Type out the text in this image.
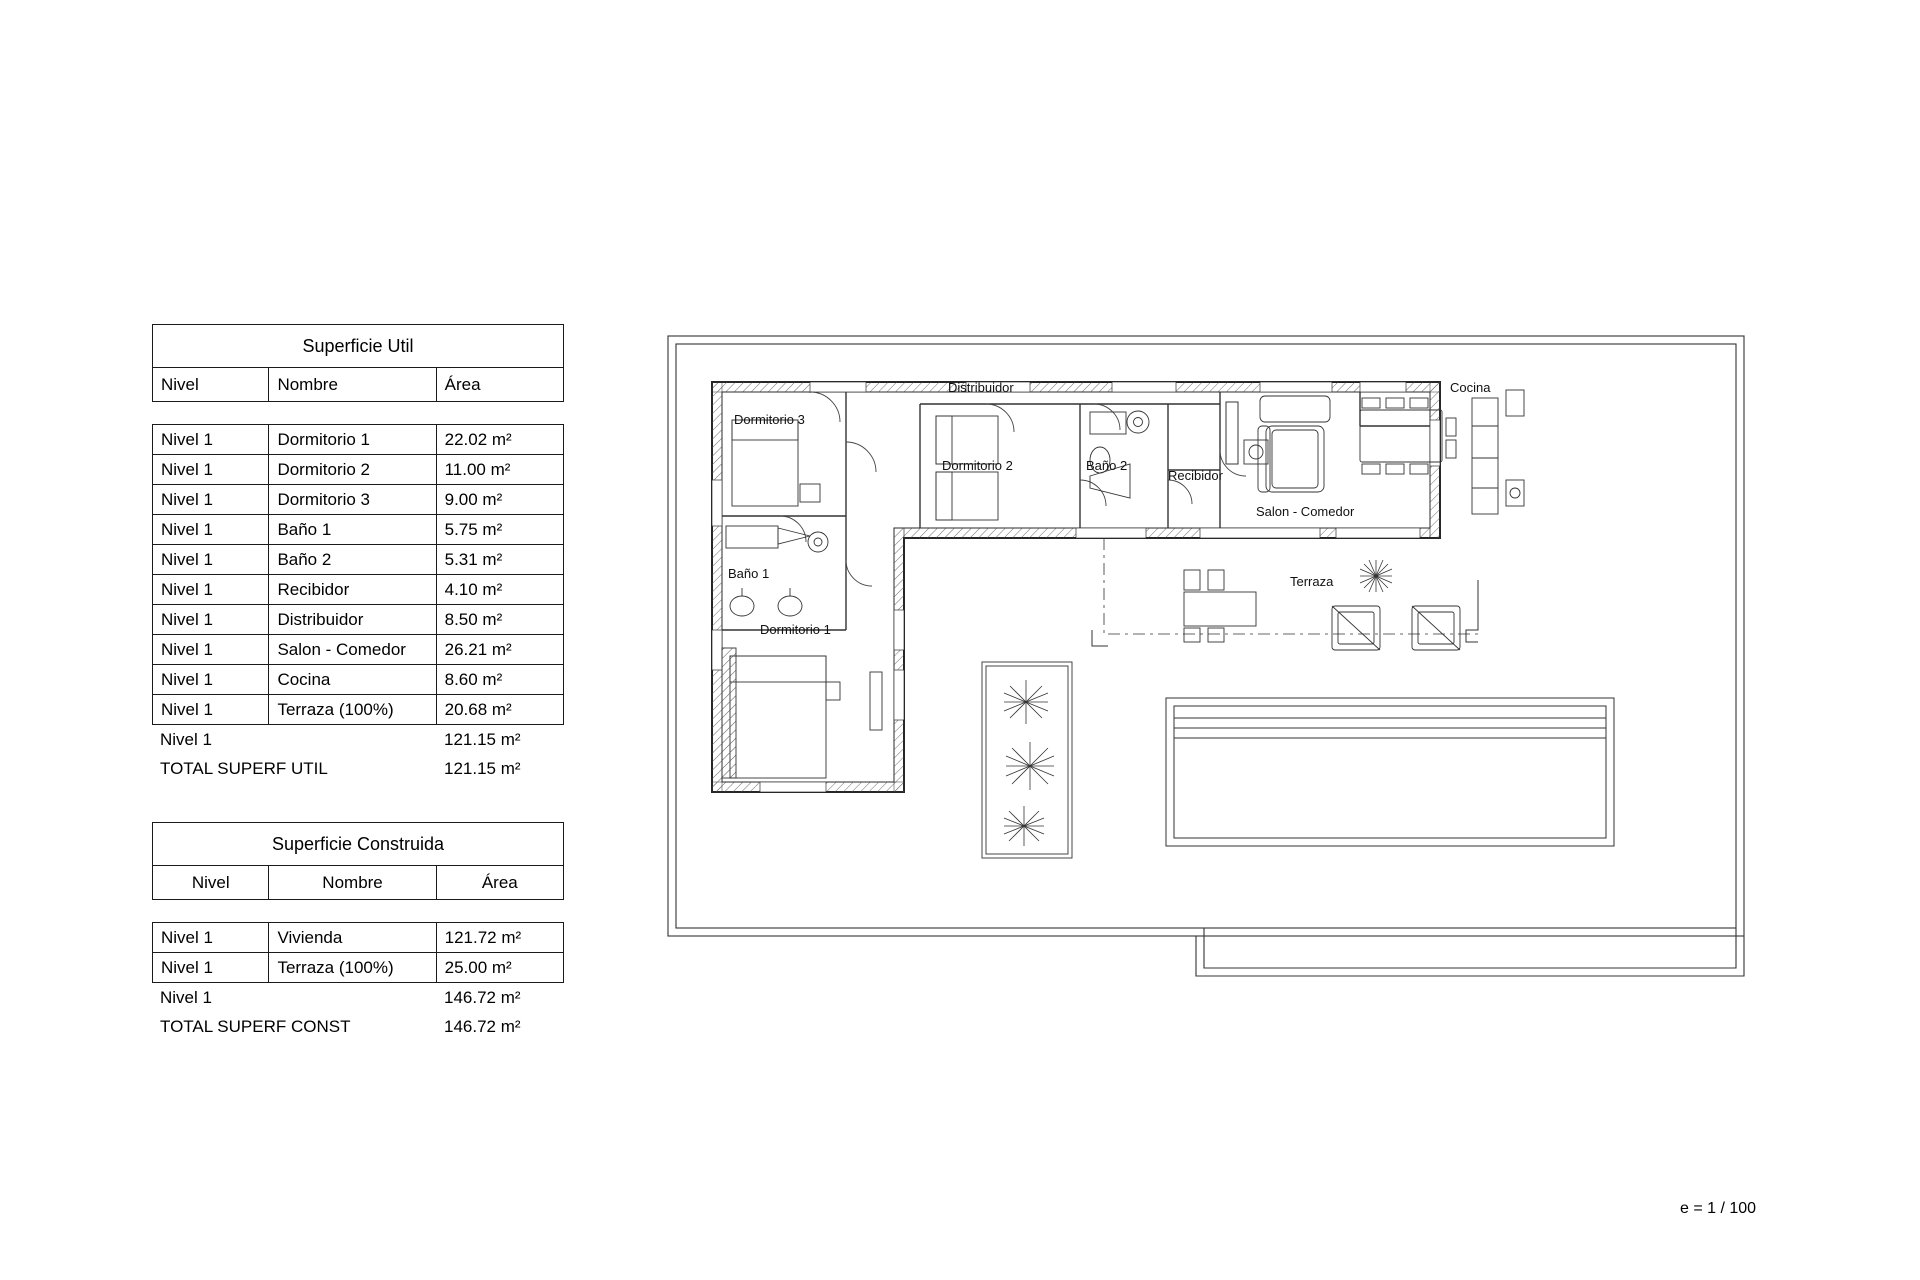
Superficie Util
Nivel	Nombre	Área
Nivel 1	Dormitorio 1	22.02 m²
Nivel 1	Dormitorio 2	11.00 m²
Nivel 1	Dormitorio 3	9.00 m²
Nivel 1	Baño 1	5.75 m²
Nivel 1	Baño 2	5.31 m²
Nivel 1	Recibidor	4.10 m²
Nivel 1	Distribuidor	8.50 m²
Nivel 1	Salon - Comedor	26.21 m²
Nivel 1	Cocina	8.60 m²
Nivel 1	Terraza (100%)	20.68 m²
Nivel 1	121.15 m²
TOTAL SUPERF UTIL	121.15 m²
Superficie Construida
Nivel	Nombre	Área
Nivel 1	Vivienda	121.72 m²
Nivel 1	Terraza (100%)	25.00 m²
Nivel 1	146.72 m²
TOTAL SUPERF CONST	146.72 m²
Dormitorio 3
Baño 1
Dormitorio 1
Distribuidor
Dormitorio 2	Baño 2
Recibidor
Salon - Comedor
Cocina
Terraza
e = 1 / 100
